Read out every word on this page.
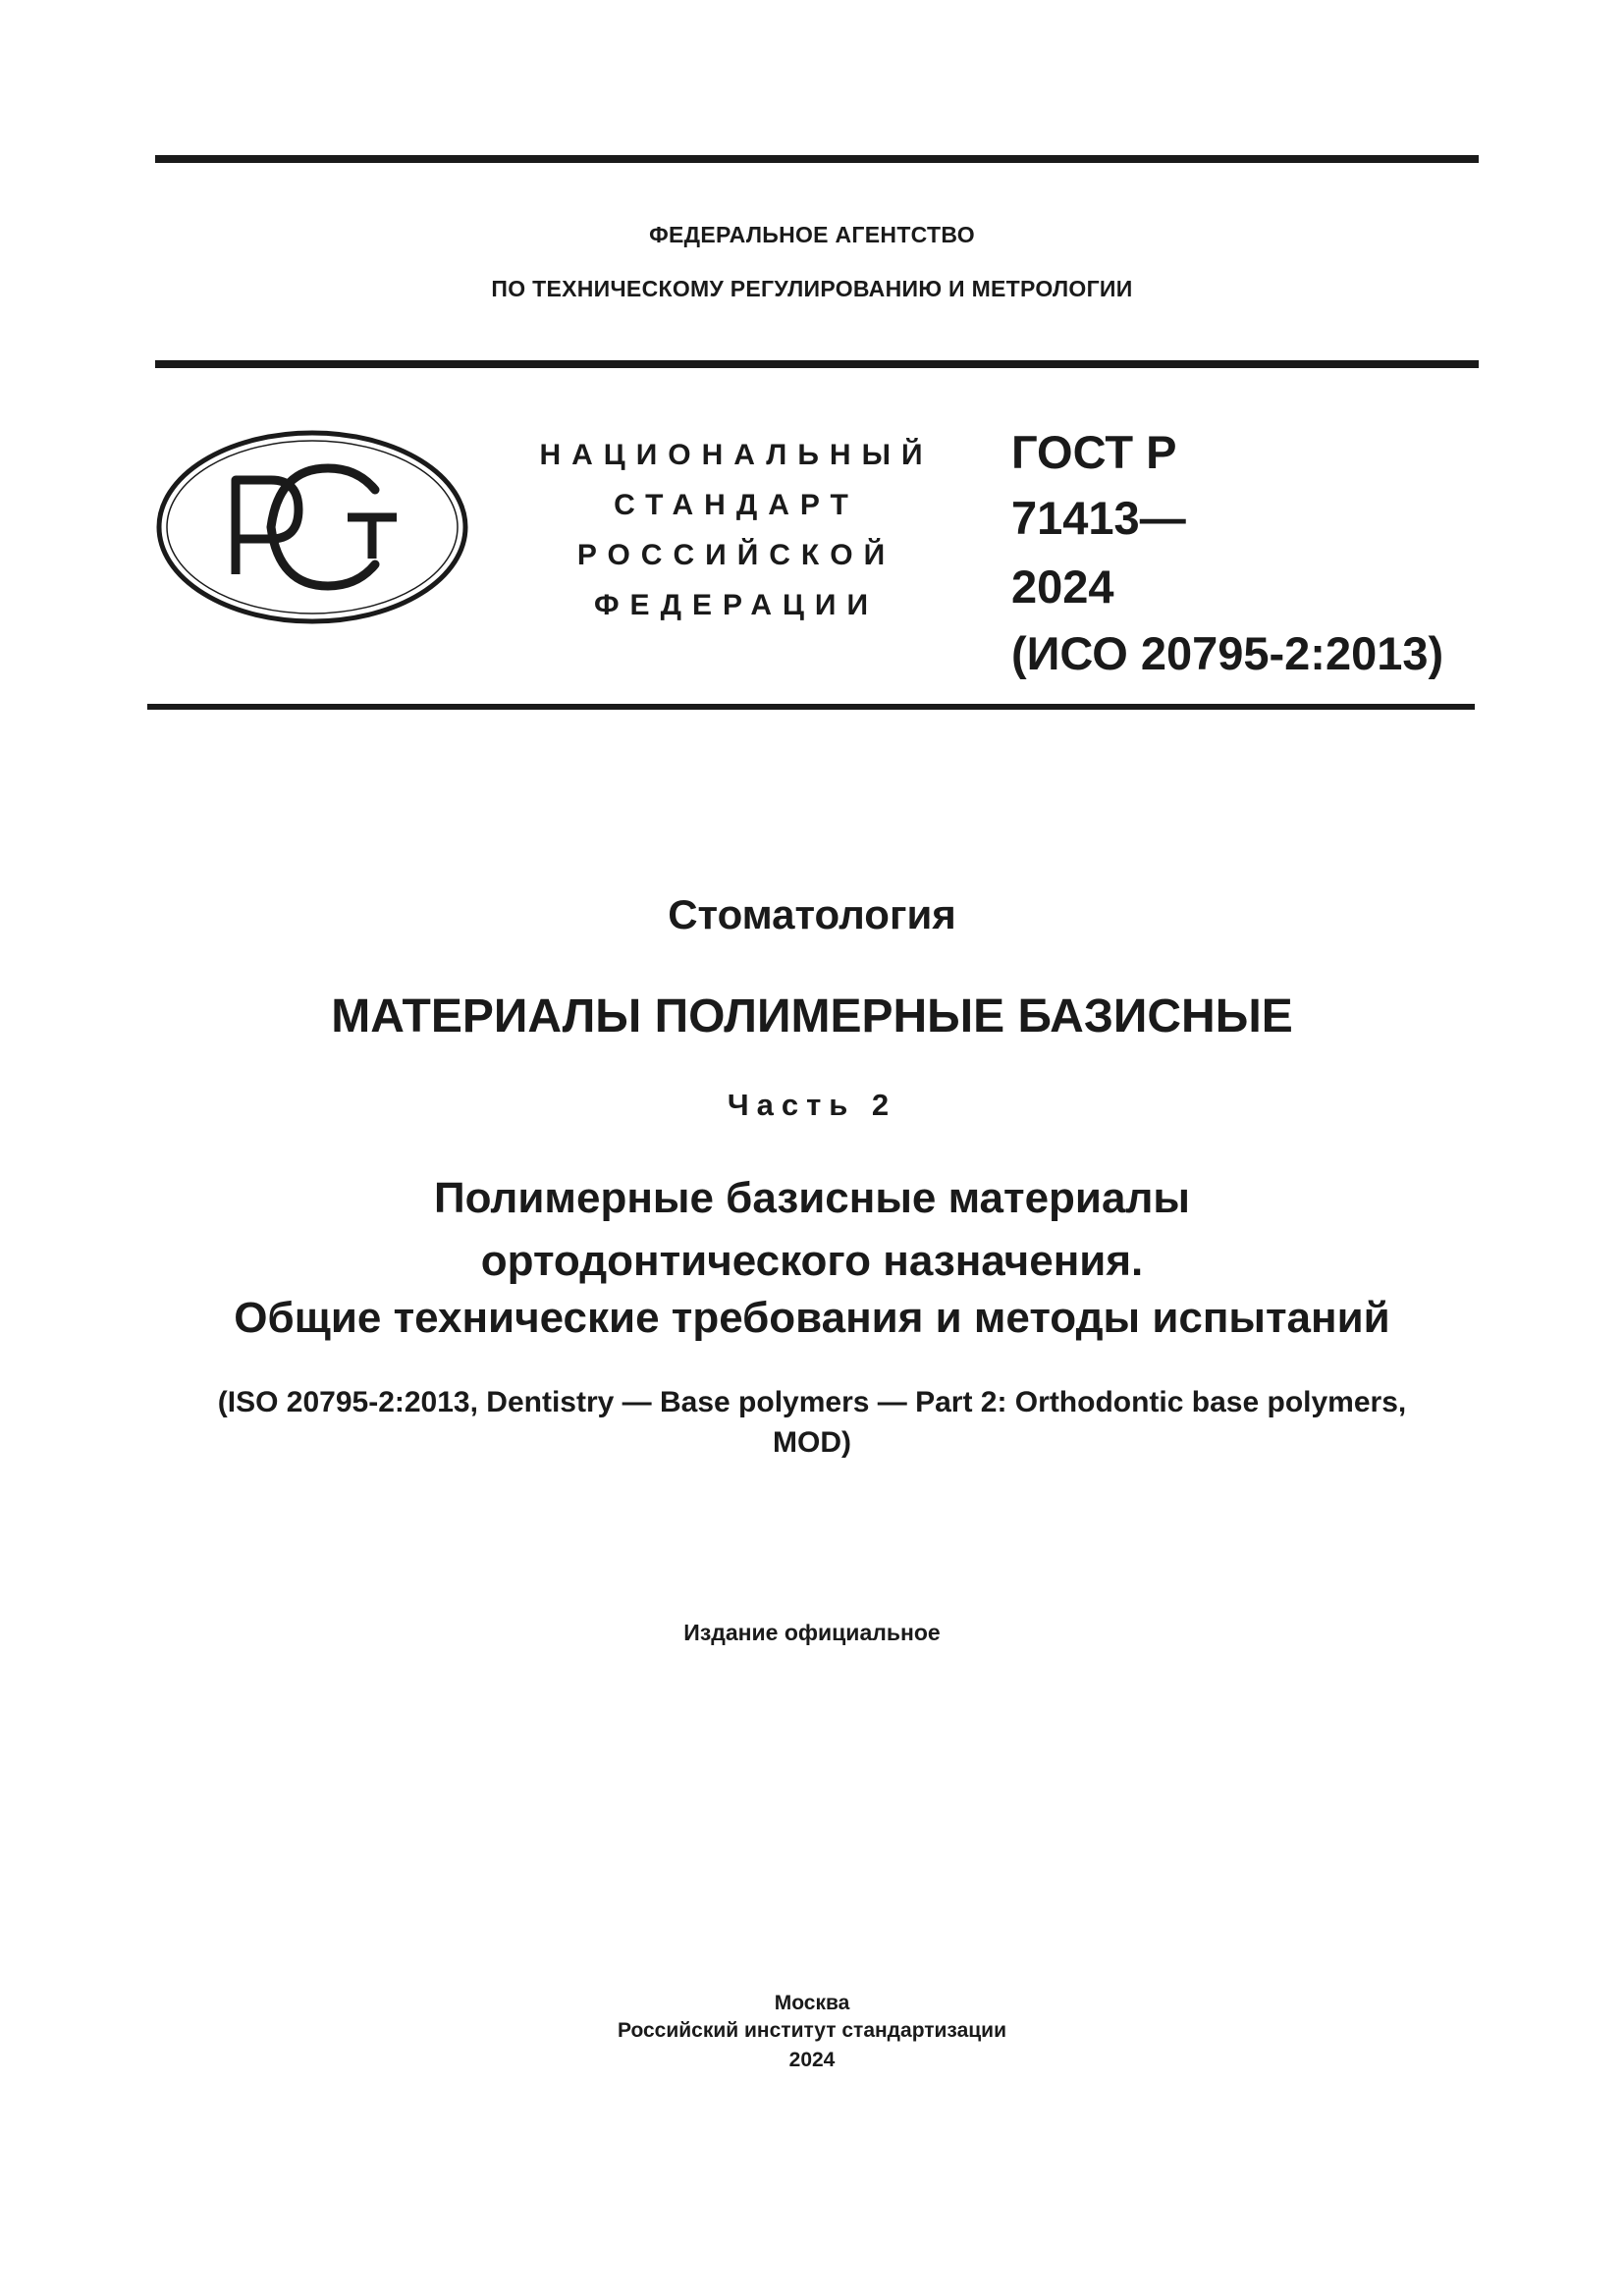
ФЕДЕРАЛЬНОЕ АГЕНТСТВО
ПО ТЕХНИЧЕСКОМУ РЕГУЛИРОВАНИЮ И МЕТРОЛОГИИ
НАЦИОНАЛЬНЫЙ
СТАНДАРТ
РОССИЙСКОЙ
ФЕДЕРАЦИИ
ГОСТ Р
71413—
2024
(ИСО 20795-2:2013)
Стоматология
МАТЕРИАЛЫ ПОЛИМЕРНЫЕ БАЗИСНЫЕ
Часть 2
Полимерные базисные материалы
ортодонтического назначения.
Общие технические требования и методы испытаний
(ISO 20795-2:2013, Dentistry — Base polymers — Part 2: Orthodontic base polymers,
MOD)
Издание официальное
Москва
Российский институт стандартизации
2024
